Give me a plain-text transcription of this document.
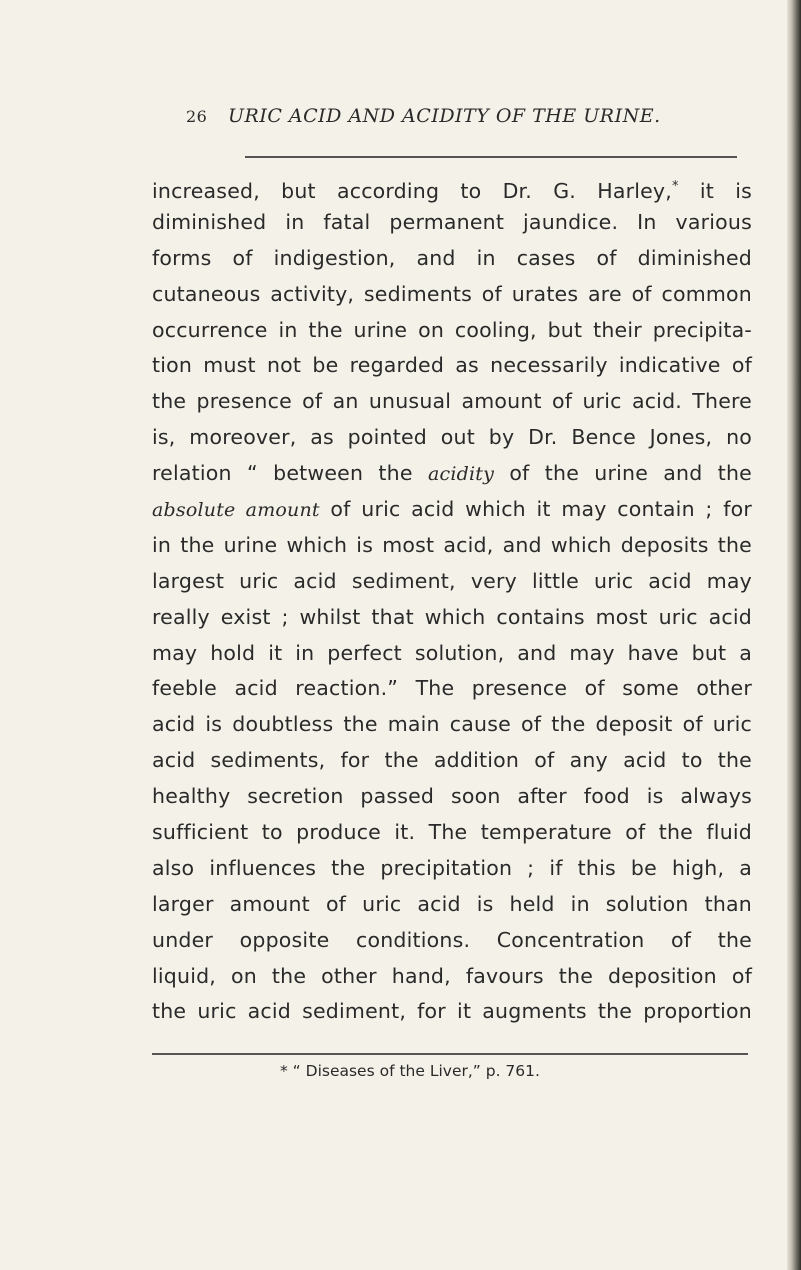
26 URIC ACID AND ACIDITY OF THE URINE.
increased, but according to Dr. G. Harley,* it is
diminished in fatal permanent jaundice. In various
forms of indigestion, and in cases of diminished
cutaneous activity, sediments of urates are of common
occurrence in the urine on cooling, but their precipita-
tion must not be regarded as necessarily indicative of
the presence of an unusual amount of uric acid. There
is, moreover, as pointed out by Dr. Bence Jones, no
relation “ between the acidity of the urine and the
absolute amount of uric acid which it may contain ; for
in the urine which is most acid, and which deposits the
largest uric acid sediment, very little uric acid may
really exist ; whilst that which contains most uric acid
may hold it in perfect solution, and may have but a
feeble acid reaction.” The presence of some other
acid is doubtless the main cause of the deposit of uric
acid sediments, for the addition of any acid to the
healthy secretion passed soon after food is always
sufficient to produce it. The temperature of the fluid
also influences the precipitation ; if this be high, a
larger amount of uric acid is held in solution than
under opposite conditions. Concentration of the
liquid, on the other hand, favours the deposition of
the uric acid sediment, for it augments the proportion
* “ Diseases of the Liver,” p. 761.
